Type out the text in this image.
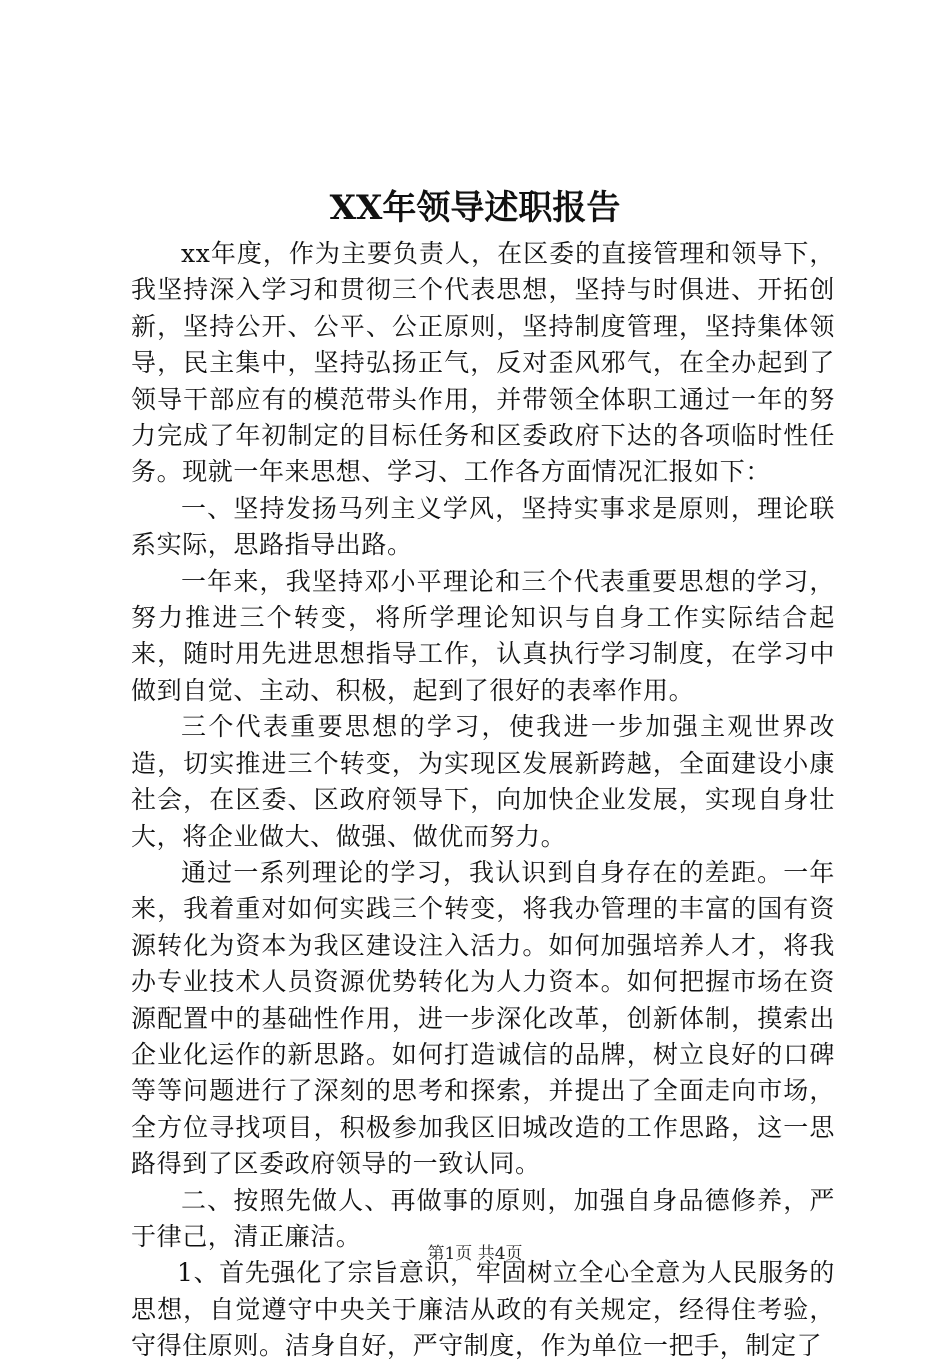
XX年领导述职报告

xx年度，作为主要负责人，在区委的直接管理和领导下，我坚持深入学习和贯彻三个代表思想，坚持与时俱进、开拓创新，坚持公开、公平、公正原则，坚持制度管理，坚持集体领导，民主集中，坚持弘扬正气，反对歪风邪气，在全办起到了领导干部应有的模范带头作用，并带领全体职工通过一年的努力完成了年初制定的目标任务和区委政府下达的各项临时性任务。现就一年来思想、学习、工作各方面情况汇报如下：

一、坚持发扬马列主义学风，坚持实事求是原则，理论联系实际，思路指导出路。

一年来，我坚持邓小平理论和三个代表重要思想的学习，努力推进三个转变，将所学理论知识与自身工作实际结合起来，随时用先进思想指导工作，认真执行学习制度，在学习中做到自觉、主动、积极，起到了很好的表率作用。

三个代表重要思想的学习，使我进一步加强主观世界改造，切实推进三个转变，为实现区发展新跨越，全面建设小康社会，在区委、区政府领导下，向加快企业发展，实现自身壮大，将企业做大、做强、做优而努力。

通过一系列理论的学习，我认识到自身存在的差距。一年来，我着重对如何实践三个转变，将我办管理的丰富的国有资源转化为资本为我区建设注入活力。如何加强培养人才，将我办专业技术人员资源优势转化为人力资本。如何把握市场在资源配置中的基础性作用，进一步深化改革，创新体制，摸索出企业化运作的新思路。如何打造诚信的品牌，树立良好的口碑等等问题进行了深刻的思考和探索，并提出了全面走向市场，全方位寻找项目，积极参加我区旧城改造的工作思路，这一思路得到了区委政府领导的一致认同。

二、按照先做人、再做事的原则，加强自身品德修养，严于律己，清正廉洁。

1、首先强化了宗旨意识，牢固树立全心全意为人民服务的思想，自觉遵守中央关于廉洁从政的有关规定，经得住考验，守得住原则。洁身自好，严守制度，作为单位一把手，制定了

第1页 共4页
